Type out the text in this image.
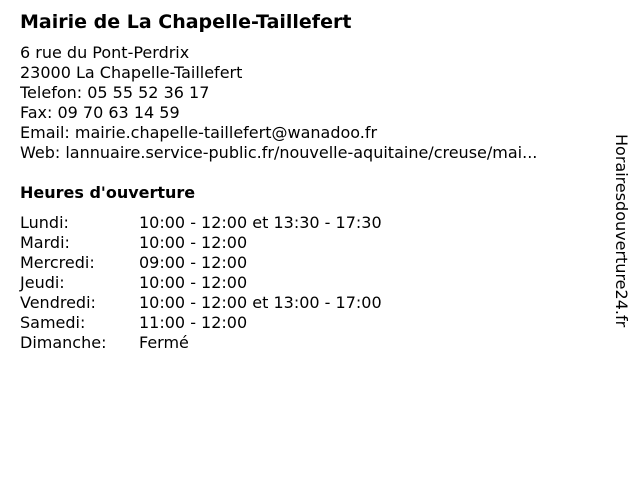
Mairie de La Chapelle-Taillefert
6 rue du Pont-Perdrix
23000 La Chapelle-Taillefert
Telefon: 05 55 52 36 17
Fax: 09 70 63 14 59
Email: mairie.chapelle-taillefert@wanadoo.fr
Web: lannuaire.service-public.fr/nouvelle-aquitaine/creuse/mai...
Heures d'ouverture
Lundi:	10:00 - 12:00 et 13:30 - 17:30
Mardi:	10:00 - 12:00
Mercredi:	09:00 - 12:00
Jeudi:	10:00 - 12:00
Vendredi:	10:00 - 12:00 et 13:00 - 17:00
Samedi:	11:00 - 12:00
Dimanche: Fermé
Horairesdouverture24.fr
